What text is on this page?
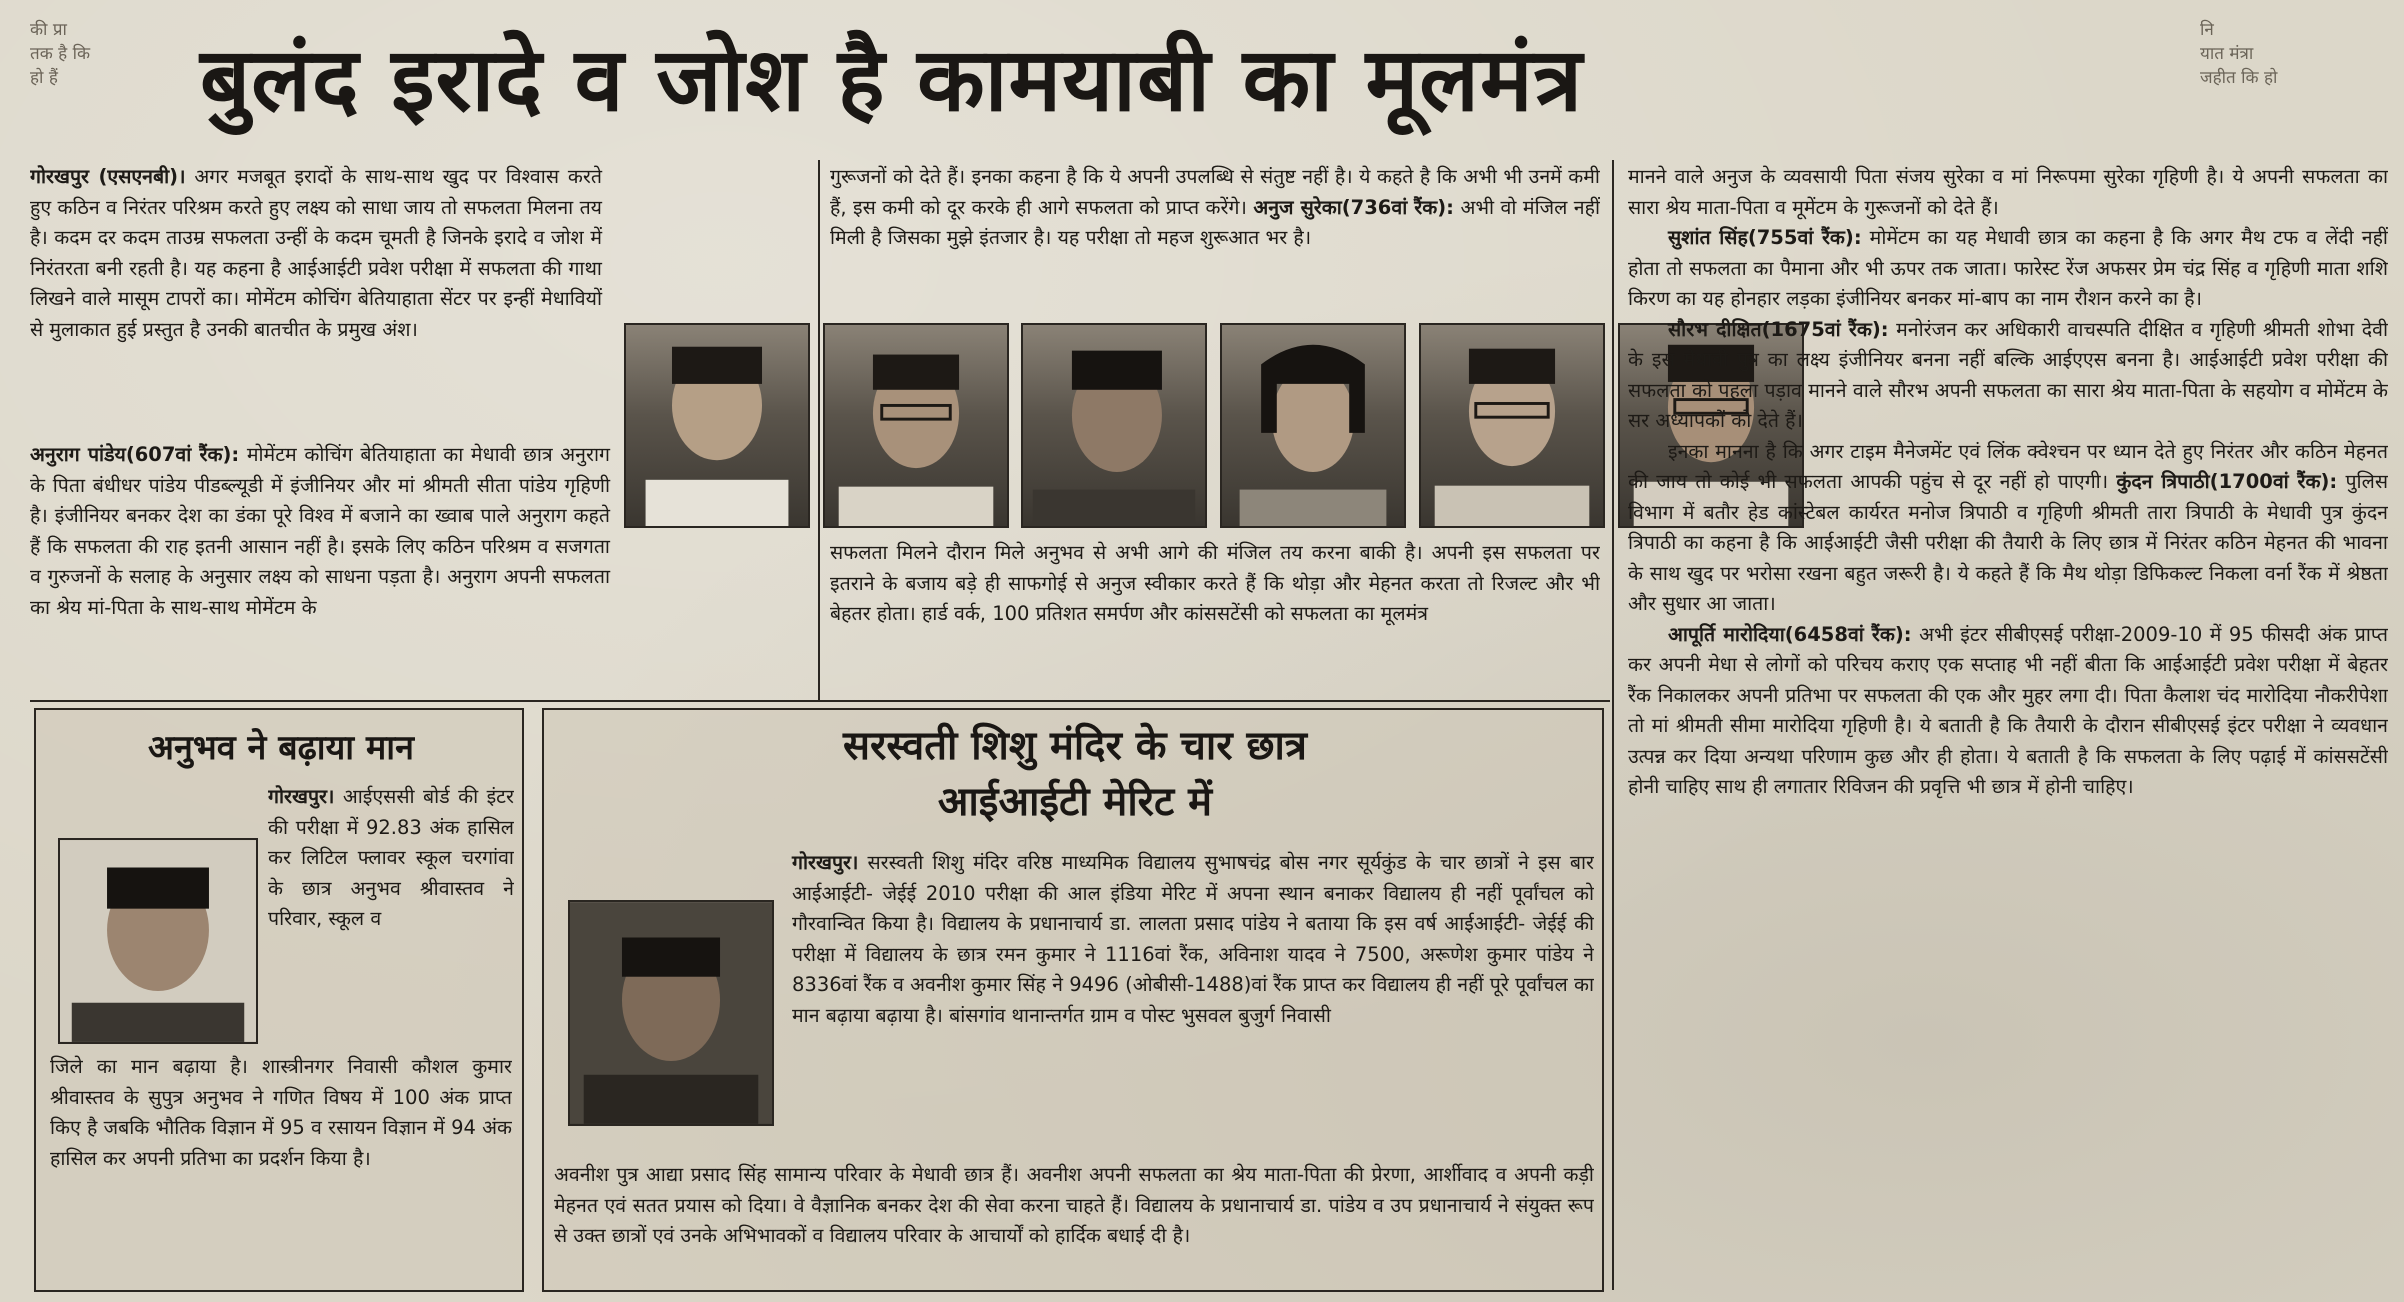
की प्रा
तक है कि
हो हैं
नि
यात मंत्रा
जहीत कि हो
बुलंद इरादे व जोश है कामयाबी का मूलमंत्र

गोरखपुर (एसएनबी)। अगर मजबूत इरादों के साथ-साथ खुद पर विश्वास करते हुए कठिन व निरंतर परिश्रम करते हुए लक्ष्य को साधा जाय तो सफलता मिलना तय है। कदम दर कदम ताउम्र सफलता उन्हीं के कदम चूमती है जिनके इरादे व जोश में निरंतरता बनी रहती है। यह कहना है आईआईटी प्रवेश परीक्षा में सफलता की गाथा लिखने वाले मासूम टापरों का। मोमेंटम कोचिंग बेतियाहाता सेंटर पर इन्हीं मेधावियों से मुलाकात हुई प्रस्तुत है उनकी बातचीत के प्रमुख अंश।

अनुराग पांडेय(607वां रैंक): मोमेंटम कोचिंग बेतियाहाता का मेधावी छात्र अनुराग के पिता बंधीधर पांडेय पीडब्ल्यूडी में इंजीनियर और मां श्रीमती सीता पांडेय गृहिणी है। इंजीनियर बनकर देश का डंका पूरे विश्व में बजाने का ख्वाब पाले अनुराग कहते हैं कि सफलता की राह इतनी आसान नहीं है। इसके लिए कठिन परिश्रम व सजगता व गुरुजनों के सलाह के अनुसार लक्ष्य को साधना पड़ता है। अनुराग अपनी सफलता का श्रेय मां-पिता के साथ-साथ मोमेंटम के

गुरूजनों को देते हैं। इनका कहना है कि ये अपनी उपलब्धि से संतुष्ट नहीं है। ये कहते है कि अभी भी उनमें कमी हैं, इस कमी को दूर करके ही आगे सफलता को प्राप्त करेंगे। अनुज सुरेका(736वां रैंक): अभी वो मंजिल नहीं मिली है जिसका मुझे इंतजार है। यह परीक्षा तो महज शुरूआत भर है।

सफलता मिलने दौरान मिले अनुभव से अभी आगे की मंजिल तय करना बाकी है। अपनी इस सफलता पर इतराने के बजाय बड़े ही साफगोई से अनुज स्वीकार करते हैं कि थोड़ा और मेहनत करता तो रिजल्ट और भी बेहतर होता। हार्ड वर्क, 100 प्रतिशत समर्पण और कांससटेंसी को सफलता का मूलमंत्र

मानने वाले अनुज के व्यवसायी पिता संजय सुरेका व मां निरूपमा सुरेका गृहिणी है। ये अपनी सफलता का सारा श्रेय माता-पिता व मूमेंटम के गुरूजनों को देते हैं।

सुशांत सिंह(755वां रैंक): मोमेंटम का यह मेधावी छात्र का कहना है कि अगर मैथ टफ व लेंदी नहीं होता तो सफलता का पैमाना और भी ऊपर तक जाता। फारेस्ट रेंज अफसर प्रेम चंद्र सिंह व गृहिणी माता शशि किरण का यह होनहार लड़का इंजीनियर बनकर मां-बाप का नाम रौशन करने का है।

सौरभ दीक्षित(1675वां रैंक): मनोरंजन कर अधिकारी वाचस्पति दीक्षित व गृहिणी श्रीमती शोभा देवी के इस मेधावी पुत्र का लक्ष्य इंजीनियर बनना नहीं बल्कि आईएएस बनना है। आईआईटी प्रवेश परीक्षा की सफलता को पहला पड़ाव मानने वाले सौरभ अपनी सफलता का सारा श्रेय माता-पिता के सहयोग व मोमेंटम के सर अध्यापकों को देते हैं।

इनका मानना है कि अगर टाइम मैनेजमेंट एवं लिंक क्वेश्चन पर ध्यान देते हुए निरंतर और कठिन मेहनत की जाय तो कोई भी सफलता आपकी पहुंच से दूर नहीं हो पाएगी। कुंदन त्रिपाठी(1700वां रैंक): पुलिस विभाग में बतौर हेड कांस्टेबल कार्यरत मनोज त्रिपाठी व गृहिणी श्रीमती तारा त्रिपाठी के मेधावी पुत्र कुंदन त्रिपाठी का कहना है कि आईआईटी जैसी परीक्षा की तैयारी के लिए छात्र में निरंतर कठिन मेहनत की भावना के साथ खुद पर भरोसा रखना बहुत जरूरी है। ये कहते हैं कि मैथ थोड़ा डिफिकल्ट निकला वर्ना रैंक में श्रेष्ठता और सुधार आ जाता।

आपूर्ति मारोदिया(6458वां रैंक): अभी इंटर सीबीएसई परीक्षा-2009-10 में 95 फीसदी अंक प्राप्त कर अपनी मेधा से लोगों को परिचय कराए एक सप्ताह भी नहीं बीता कि आईआईटी प्रवेश परीक्षा में बेहतर रैंक निकालकर अपनी प्रतिभा पर सफलता की एक और मुहर लगा दी। पिता कैलाश चंद मारोदिया नौकरीपेशा तो मां श्रीमती सीमा मारोदिया गृहिणी है। ये बताती है कि तैयारी के दौरान सीबीएसई इंटर परीक्षा ने व्यवधान उत्पन्न कर दिया अन्यथा परिणाम कुछ और ही होता। ये बताती है कि सफलता के लिए पढ़ाई में कांससटेंसी होनी चाहिए साथ ही लगातार रिविजन की प्रवृत्ति भी छात्र में होनी चाहिए।

अनुभव ने बढ़ाया मान

गोरखपुर। आईएससी बोर्ड की इंटर की परीक्षा में 92.83 अंक हासिल कर लिटिल फ्लावर स्कूल चरगांवा के छात्र अनुभव श्रीवास्तव ने परिवार, स्कूल व

जिले का मान बढ़ाया है। शास्त्रीनगर निवासी कौशल कुमार श्रीवास्तव के सुपुत्र अनुभव ने गणित विषय में 100 अंक प्राप्त किए है जबकि भौतिक विज्ञान में 95 व रसायन विज्ञान में 94 अंक हासिल कर अपनी प्रतिभा का प्रदर्शन किया है।

सरस्वती शिशु मंदिर के चार छात्र
आईआईटी मेरिट में

गोरखपुर। सरस्वती शिशु मंदिर वरिष्ठ माध्यमिक विद्यालय सुभाषचंद्र बोस नगर सूर्यकुंड के चार छात्रों ने इस बार आईआईटी- जेईई 2010 परीक्षा की आल इंडिया मेरिट में अपना स्थान बनाकर विद्यालय ही नहीं पूर्वांचल को गौरवान्वित किया है। विद्यालय के प्रधानाचार्य डा. लालता प्रसाद पांडेय ने बताया कि इस वर्ष आईआईटी- जेईई की परीक्षा में विद्यालय के छात्र रमन कुमार ने 1116वां रैंक, अविनाश यादव ने 7500, अरूणेश कुमार पांडेय ने 8336वां रैंक व अवनीश कुमार सिंह ने 9496 (ओबीसी-1488)वां रैंक प्राप्त कर विद्यालय ही नहीं पूरे पूर्वांचल का मान बढ़ाया बढ़ाया है। बांसगांव थानान्तर्गत ग्राम व पोस्ट भुसवल बुजुर्ग निवासी

अवनीश पुत्र आद्या प्रसाद सिंह सामान्य परिवार के मेधावी छात्र हैं। अवनीश अपनी सफलता का श्रेय माता-पिता की प्रेरणा, आर्शीवाद व अपनी कड़ी मेहनत एवं सतत प्रयास को दिया। वे वैज्ञानिक बनकर देश की सेवा करना चाहते हैं। विद्यालय के प्रधानाचार्य डा. पांडेय व उप प्रधानाचार्य ने संयुक्त रूप से उक्त छात्रों एवं उनके अभिभावकों व विद्यालय परिवार के आचार्यों को हार्दिक बधाई दी है।
